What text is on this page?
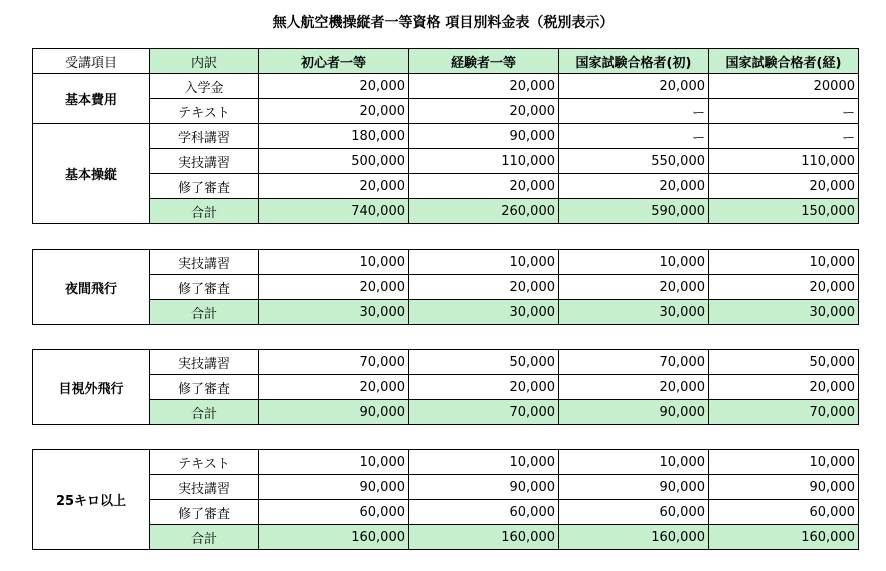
無人航空機操縦者一等資格 項目別料金表（税別表示）
受講項目	内訳	初心者一等	経験者一等	国家試験合格者(初)	国家試験合格者(経)
基本費用	入学金	20,000	20,000	20,000	20000
	テキスト	20,000	20,000	ー	ー
基本操縦	学科講習	180,000	90,000	ー	ー
	実技講習	500,000	110,000	550,000	110,000
	修了審査	20,000	20,000	20,000	20,000
	合計	740,000	260,000	590,000	150,000
夜間飛行	実技講習	10,000	10,000	10,000	10,000
	修了審査	20,000	20,000	20,000	20,000
	合計	30,000	30,000	30,000	30,000
目視外飛行	実技講習	70,000	50,000	70,000	50,000
	修了審査	20,000	20,000	20,000	20,000
	合計	90,000	70,000	90,000	70,000
25キロ以上	テキスト	10,000	10,000	10,000	10,000
	実技講習	90,000	90,000	90,000	90,000
	修了審査	60,000	60,000	60,000	60,000
	合計	160,000	160,000	160,000	160,000
